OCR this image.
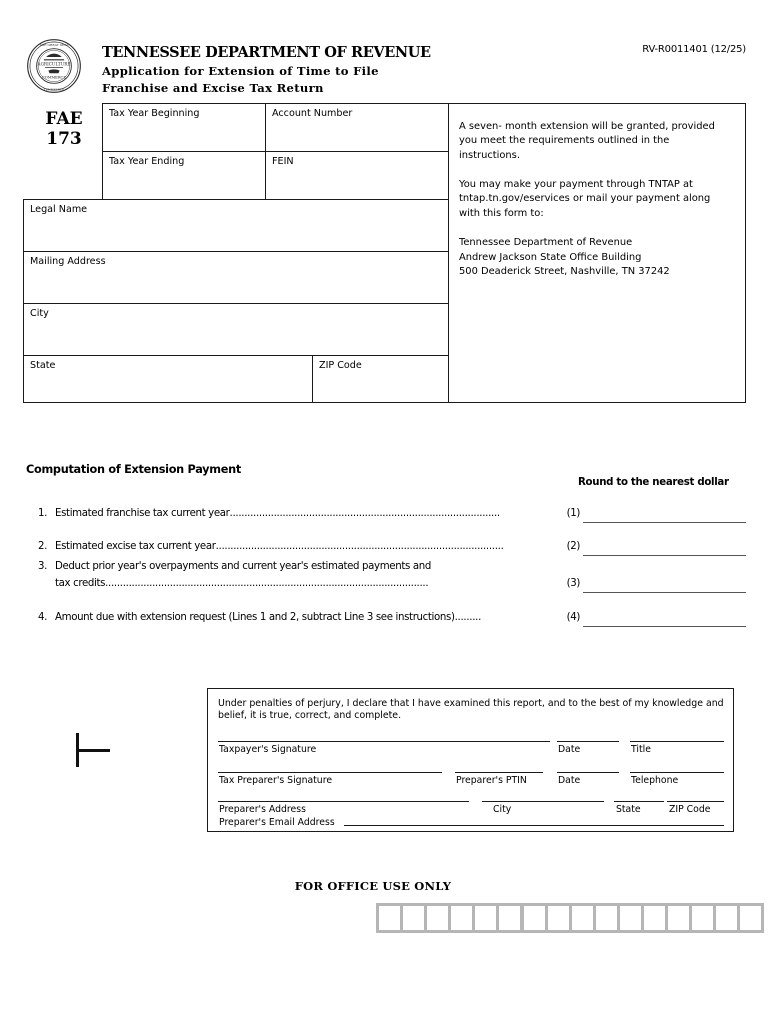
AGRICULTURE
COMMERCE
THE GREAT SEAL
TENNESSEE
TENNESSEE DEPARTMENT OF REVENUE
Application for Extension of Time to File
Franchise and Excise Tax Return
RV-R0011401 (12/25)
FAE
173
Tax Year Beginning	Account Number
Tax Year Ending	FEIN
Legal Name
Mailing Address
City
State	ZIP Code

A seven- month extension will be granted, provided you meet the requirements outlined in the instructions.

You may make your payment through TNTAP at tntap.tn.gov/eservices or mail your payment along with this form to:

Tennessee Department of Revenue
Andrew Jackson State Office Building
500 Deaderick Street, Nashville, TN 37242

Computation of Extension Payment
Round to the nearest dollar
1. Estimated franchise tax current year............................................................................................	(1)
2. Estimated excise tax current year..................................................................................................	(2)
3. Deduct prior year's overpayments and current year's estimated payments and
tax credits..............................................................................................................	(3)
4. Amount due with extension request (Lines 1 and 2, subtract Line 3 see instructions).........	(4)
Under penalties of perjury, I declare that I have examined this report, and to the best of my knowledge and belief, it is true, correct, and complete.
Taxpayer's Signature	Date	Title
Tax Preparer's Signature	Preparer's PTIN	Date	Telephone
Preparer's Address	City	State	ZIP Code
Preparer's Email Address
FOR OFFICE USE ONLY
